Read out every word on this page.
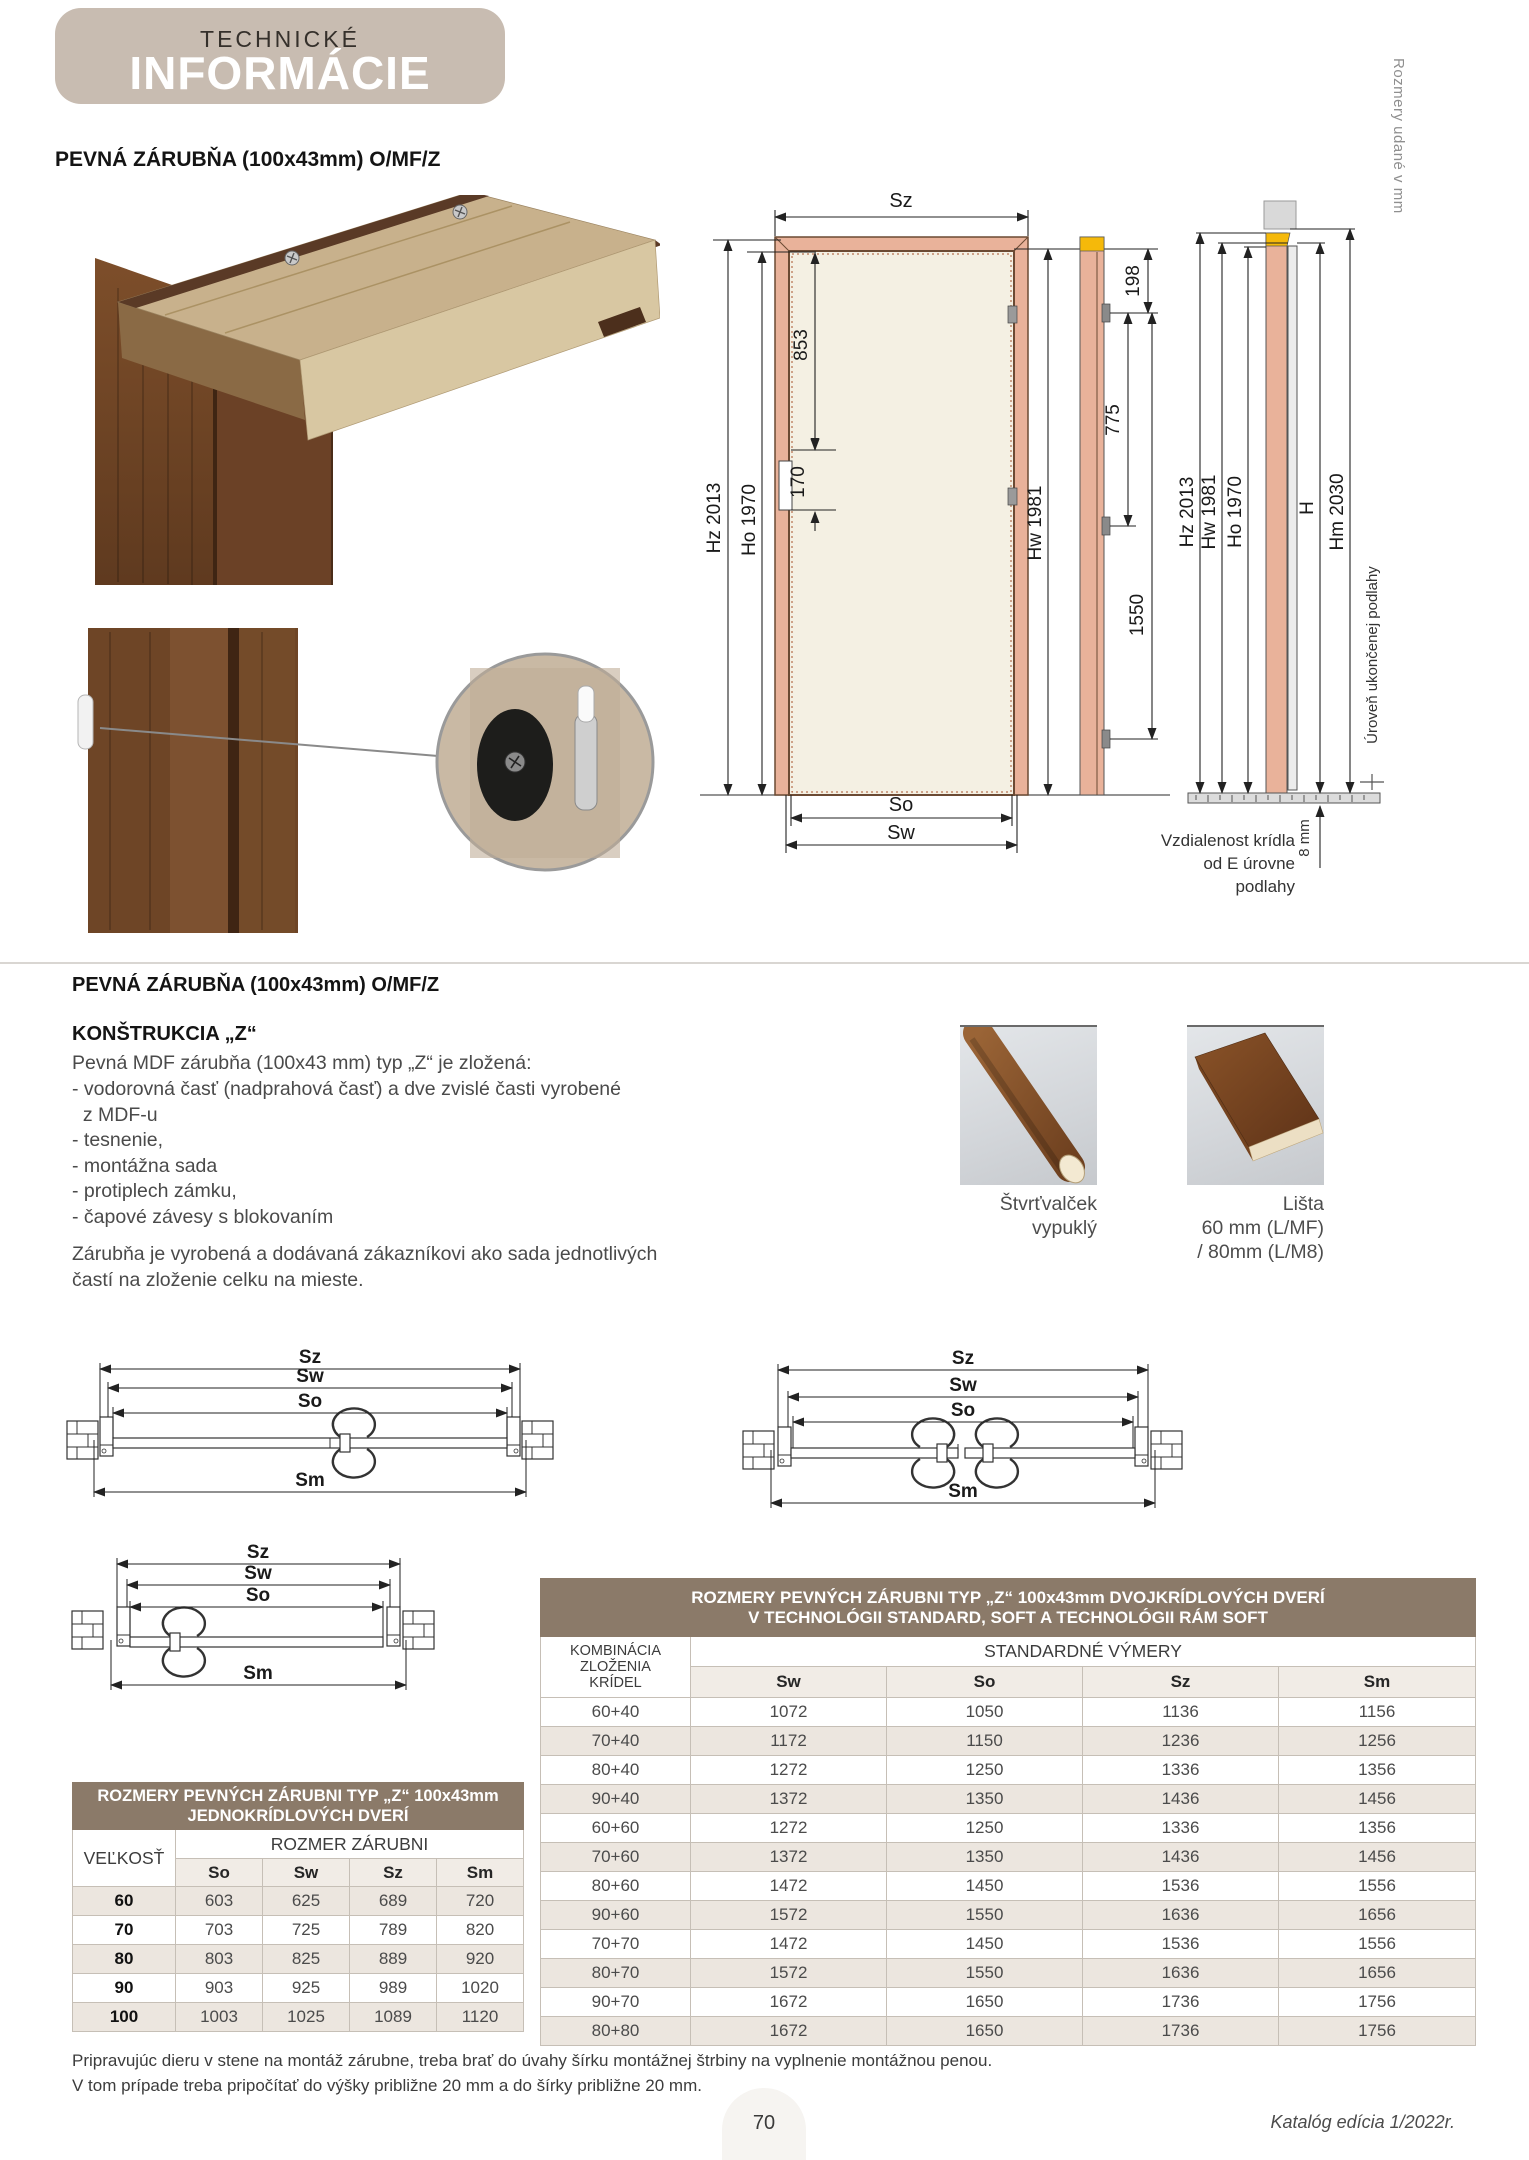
TECHNICKÉ
INFORMÁCIE	Rozmery udané v mm
PEVNÁ ZÁRUBŇA (100x43mm) O/MF/Z
Sz
Hz 2013 Ho 1970
853
170
Hw 1981
So
Sw
198
775
1550
Hz 2013 Hw 1981 Ho 1970	H Hm 2030
8 mm
Úroveň ukončenej podlahy
Vzdialenost krídla
od E úrovne
podlahy
PEVNÁ ZÁRUBŇA (100x43mm) O/MF/Z
KONŠTRUKCIA „Z“
Pevná MDF zárubňa (100x43 mm) typ „Z“ je zložená:
- vodorovná časť (nadprahová časť) a dve zvislé časti vyrobené
z MDF-u
- tesnenie,
- montážna sada
- protiplech zámku,
- čapové závesy s blokovaním
Zárubňa je vyrobená a dodávaná zákazníkovi ako sada jednotlivých
častí na zloženie celku na mieste.
Štvrťvalček
vypuklý
Lišta
60 mm (L/MF)
/ 80mm (L/M8)
Sz
Sw
So
Sm
Sz
Sw
So
Sm
Sz
Sw
So
Sm
ROZMERY PEVNÝCH ZÁRUBNI TYP „Z“ 100x43mm
JEDNOKRÍDLOVÝCH DVERÍ				

VEĽKOSŤ	ROZMER ZÁRUBNI			
	So	Sw	Sz	Sm
60	603	625	689	720
70	703	725	789	820
80	803	825	889	920
90	903	925	989	1020
100	1003	1025	1089	1120
ROZMERY PEVNÝCH ZÁRUBNI TYP „Z“ 100x43mm DVOJKRÍDLOVÝCH DVERÍ
V TECHNOLÓGII STANDARD, SOFT A TECHNOLÓGII RÁM SOFT				

KOMBINÁCIA
ZLOŽENIA
KRÍDEL	STANDARDNÉ VÝMERY			
	Sw	So	Sz	Sm
60+40	1072	1050	1136	1156
70+40	1172	1150	1236	1256
80+40	1272	1250	1336	1356
90+40	1372	1350	1436	1456
60+60	1272	1250	1336	1356
70+60	1372	1350	1436	1456
80+60	1472	1450	1536	1556
90+60	1572	1550	1636	1656
70+70	1472	1450	1536	1556
80+70	1572	1550	1636	1656
90+70	1672	1650	1736	1756
80+80	1672	1650	1736	1756
Pripravujúc dieru v stene na montáž zárubne, treba brať do úvahy šírku montážnej štrbiny na vyplnenie montážnou penou.
V tom prípade treba pripočítať do výšky približne 20 mm a do šírky približne 20 mm.
70	Katalóg edícia 1/2022r.
